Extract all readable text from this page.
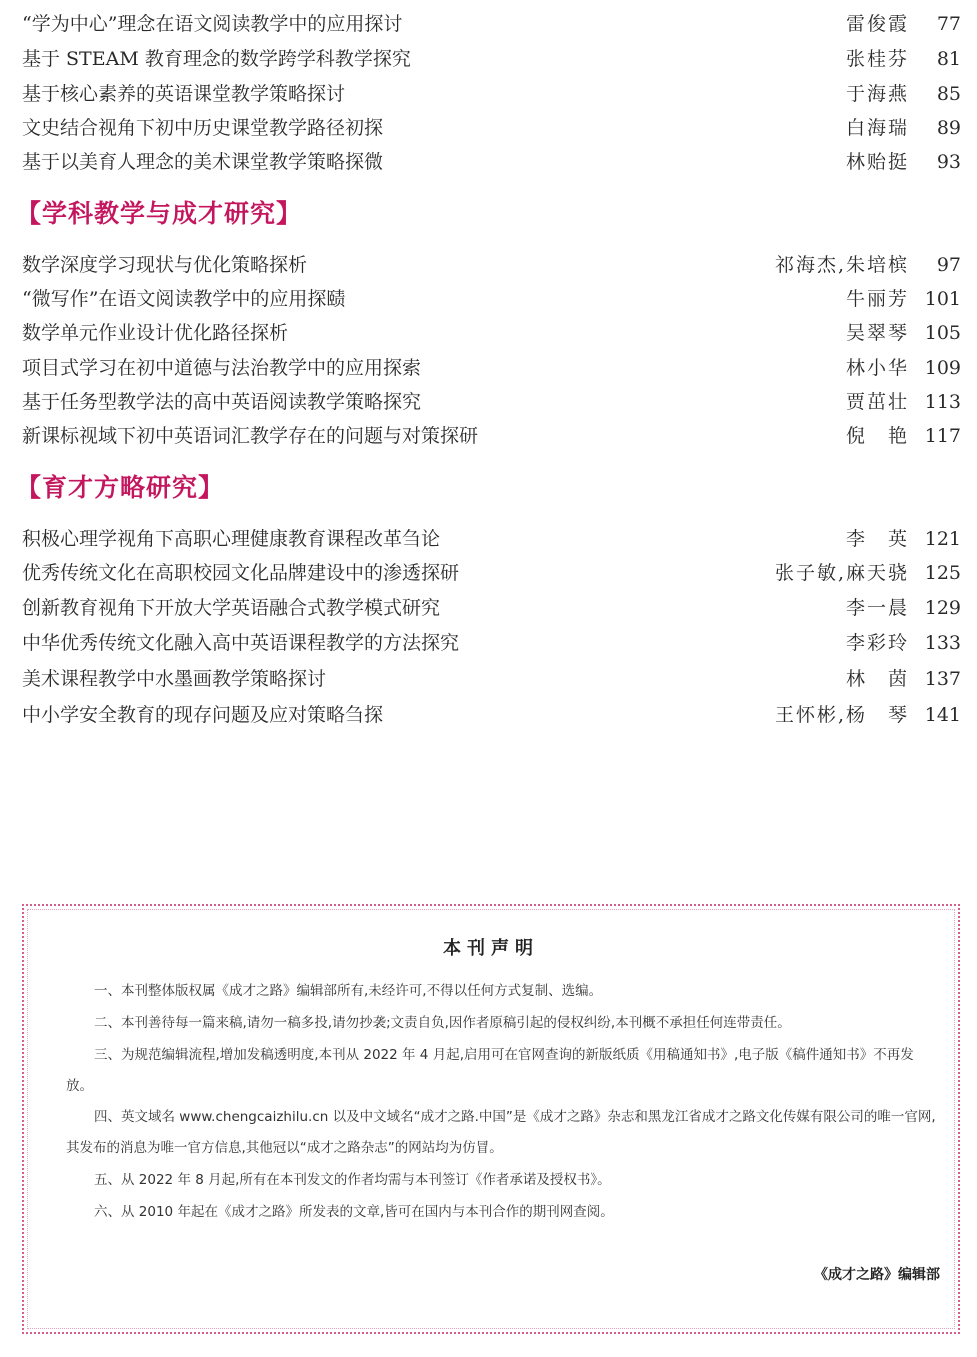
“学为中心”理念在语文阅读教学中的应用探讨	雷俊霞	77
基于 STEAM 教育理念的数学跨学科教学探究	张桂芬	81
基于核心素养的英语课堂教学策略探讨	于海燕	85
文史结合视角下初中历史课堂教学路径初探	白海瑞	89
基于以美育人理念的美术课堂教学策略探微	林贻挺	93
【学科教学与成才研究】
数学深度学习现状与优化策略探析	祁海杰,朱培槟	97
“微写作”在语文阅读教学中的应用探赜	牛丽芳 101
数学单元作业设计优化路径探析	吴翠琴 105
项目式学习在初中道德与法治教学中的应用探索	林小华 109
基于任务型教学法的高中英语阅读教学策略探究	贾茁壮 113
新课标视域下初中英语词汇教学存在的问题与对策探研	倪　艳 117
【育才方略研究】
积极心理学视角下高职心理健康教育课程改革刍论	李　英 121
优秀传统文化在高职校园文化品牌建设中的渗透探研	张子敏,麻天骁 125
创新教育视角下开放大学英语融合式教学模式研究	李一晨 129
中华优秀传统文化融入高中英语课程教学的方法探究	李彩玲 133
美术课程教学中水墨画教学策略探讨	林　茵 137
中小学安全教育的现存问题及应对策略刍探	王怀彬,杨　琴 141
本刊声明
一、本刊整体版权属《成才之路》编辑部所有,未经许可,不得以任何方式复制、选编。
二、本刊善待每一篇来稿,请勿一稿多投,请勿抄袭;文责自负,因作者原稿引起的侵权纠纷,本刊概不承担任何连带责任。
三、为规范编辑流程,增加发稿透明度,本刊从 2022 年 4 月起,启用可在官网查询的新版纸质《用稿通知书》,电子版《稿件通知书》不再发放。
四、英文域名 www.chengcaizhilu.cn 以及中文域名“成才之路.中国”是《成才之路》杂志和黑龙江省成才之路文化传媒有限公司的唯一官网,其发布的消息为唯一官方信息,其他冠以“成才之路杂志”的网站均为仿冒。
五、从 2022 年 8 月起,所有在本刊发文的作者均需与本刊签订《作者承诺及授权书》。
六、从 2010 年起在《成才之路》所发表的文章,皆可在国内与本刊合作的期刊网查阅。
《成才之路》编辑部
